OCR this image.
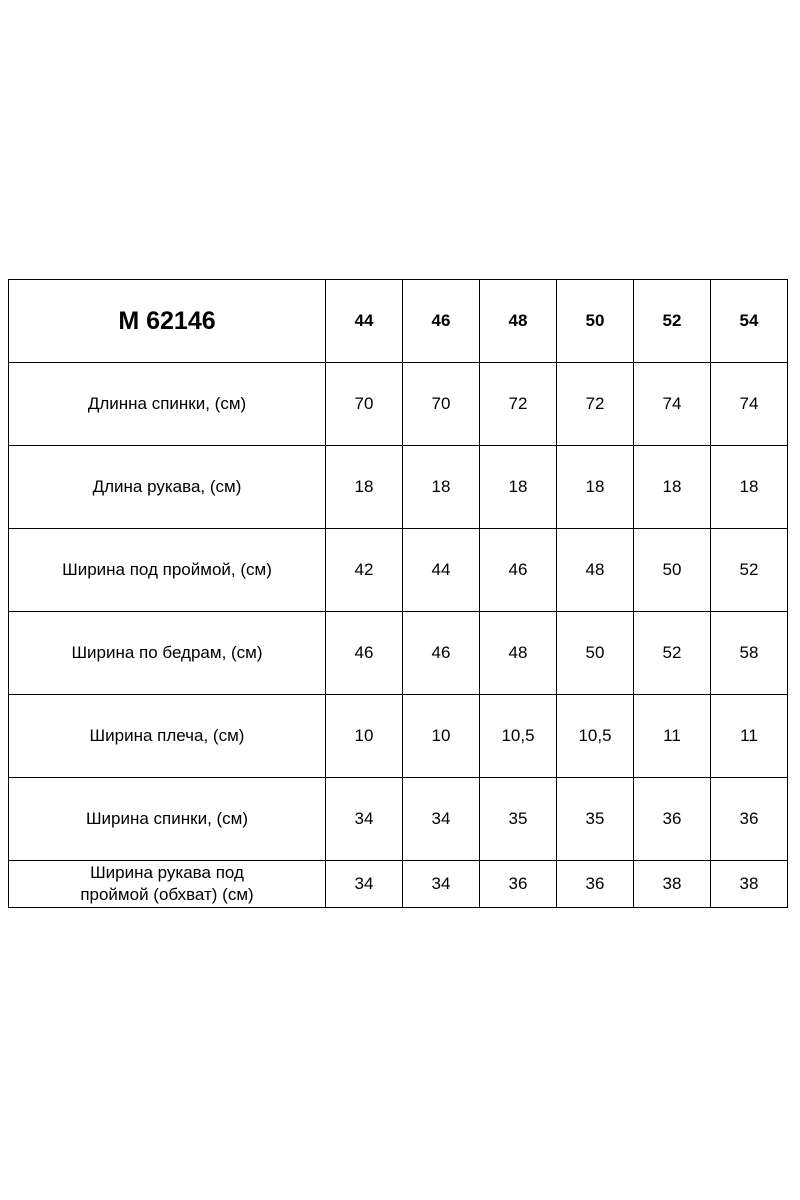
М 62146	44	46	48	50	52	54
Длинна спинки, (см)	70	70	72	72	74	74
Длина рукава, (см)	18	18	18	18	18	18
Ширина под проймой, (см)	42	44	46	48	50	52
Ширина по бедрам, (см)	46	46	48	50	52	58
Ширина плеча, (см)	10	10	10,5	10,5	11	11
Ширина спинки, (см)	34	34	35	35	36	36

Ширина рукава под
проймой (обхват) (см)	34	34	36	36	38	38
